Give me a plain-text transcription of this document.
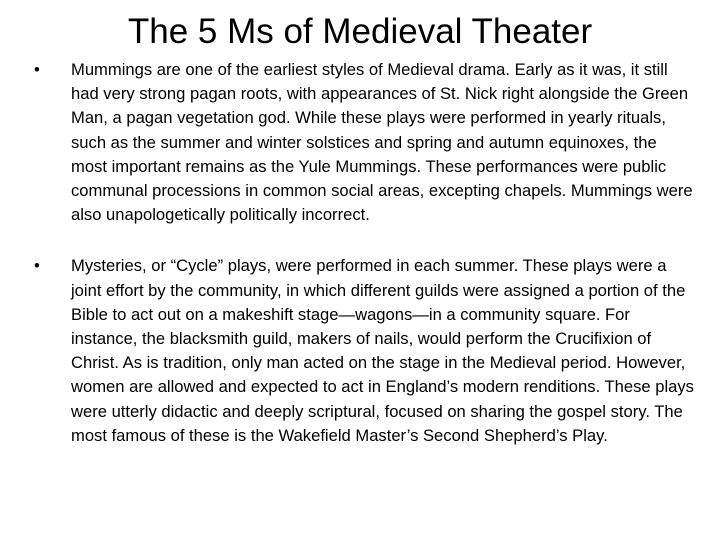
The 5 Ms of Medieval Theater
•	Mummings are one of the earliest styles of Medieval drama. Early as it was, it still had very strong pagan roots, with appearances of St. Nick right alongside the Green Man, a pagan vegetation god. While these plays were performed in yearly rituals, such as the summer and winter solstices and spring and autumn equinoxes, the most important remains as the Yule Mummings. These performances were public communal processions in common social areas, excepting chapels. Mummings were also unapologetically politically incorrect.
•	Mysteries, or “Cycle” plays, were performed in each summer. These plays were a joint effort by the community, in which different guilds were assigned a portion of the Bible to act out on a makeshift stage—wagons—in a community square. For instance, the blacksmith guild, makers of nails, would perform the Crucifixion of Christ. As is tradition, only man acted on the stage in the Medieval period. However, women are allowed and expected to act in England’s modern renditions. These plays were utterly didactic and deeply scriptural, focused on sharing the gospel story. The most famous of these is the Wakefield Master’s Second Shepherd’s Play.
